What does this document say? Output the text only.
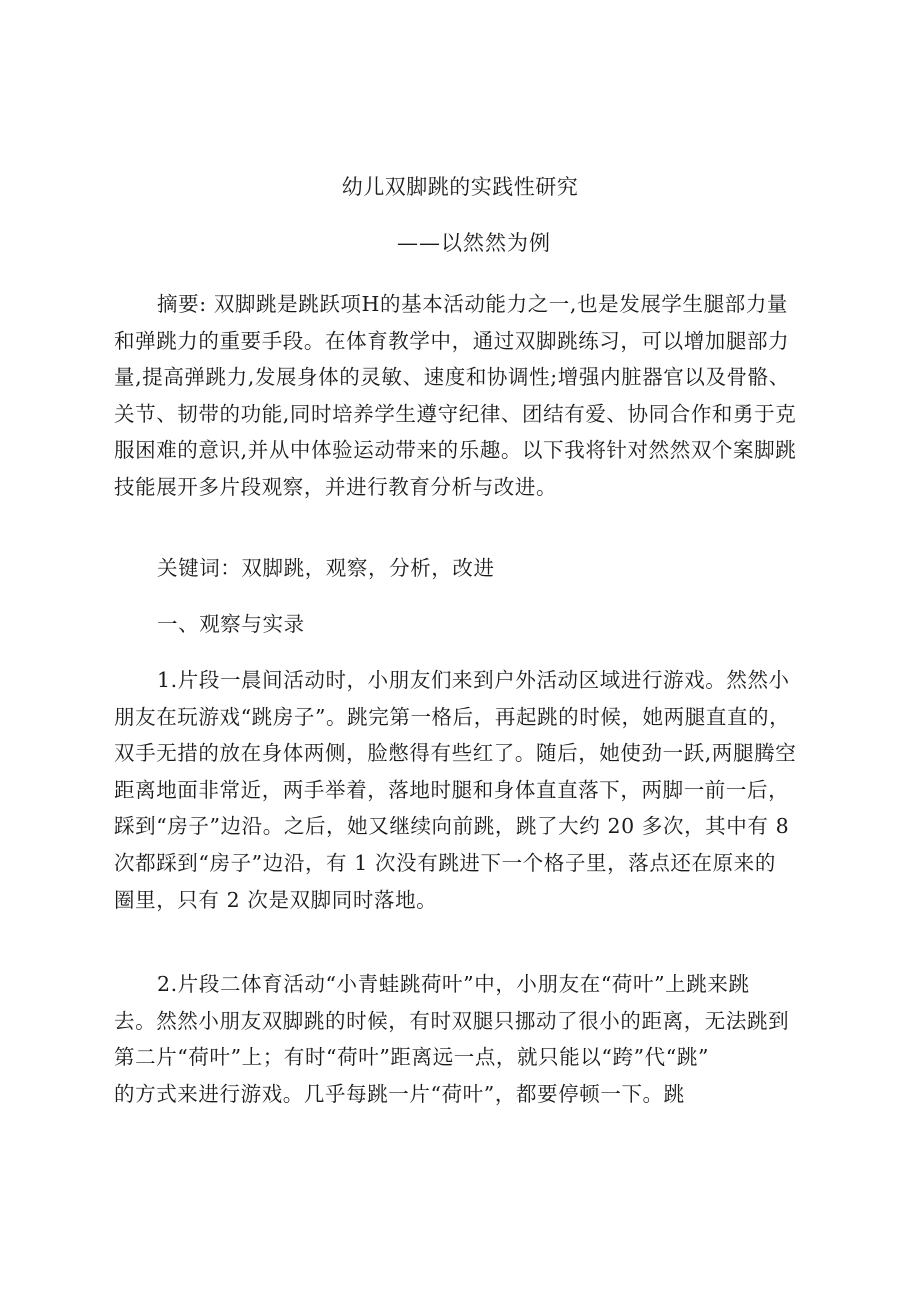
幼儿双脚跳的实践性研究
——以然然为例

摘要: 双脚跳是跳跃项H的基本活动能力之一,也是发展学生腿部力量
和弹跳力的重要手段。在体育教学中，通过双脚跳练习，可以增加腿部力
量,提高弹跳力,发展身体的灵敏、速度和协调性;增强内脏器官以及骨骼、
关节、韧带的功能,同时培养学生遵守纪律、团结有爱、协同合作和勇于克
服困难的意识,并从中体验运动带来的乐趣。以下我将针对然然双个案脚跳
技能展开多片段观察，并进行教育分析与改进。

关键词：双脚跳，观察，分析，改进

一、观察与实录

1.片段一晨间活动时，小朋友们来到户外活动区域进行游戏。然然小
朋友在玩游戏“跳房子”。跳完第一格后，再起跳的时候，她两腿直直的，
双手无措的放在身体两侧，脸憋得有些红了。随后，她使劲一跃,两腿腾空
距离地面非常近，两手举着，落地时腿和身体直直落下，两脚一前一后，
踩到“房子”边沿。之后，她又继续向前跳，跳了大约 20 多次，其中有 8
次都踩到“房子”边沿，有 1 次没有跳进下一个格子里，落点还在原来的
圈里，只有 2 次是双脚同时落地。

2.片段二体育活动“小青蛙跳荷叶”中，小朋友在“荷叶”上跳来跳
去。然然小朋友双脚跳的时候，有时双腿只挪动了很小的距离，无法跳到
第二片“荷叶”上；有时“荷叶”距离远一点，就只能以“跨”代“跳”
的方式来进行游戏。几乎每跳一片“荷叶”，都要停顿一下。跳
